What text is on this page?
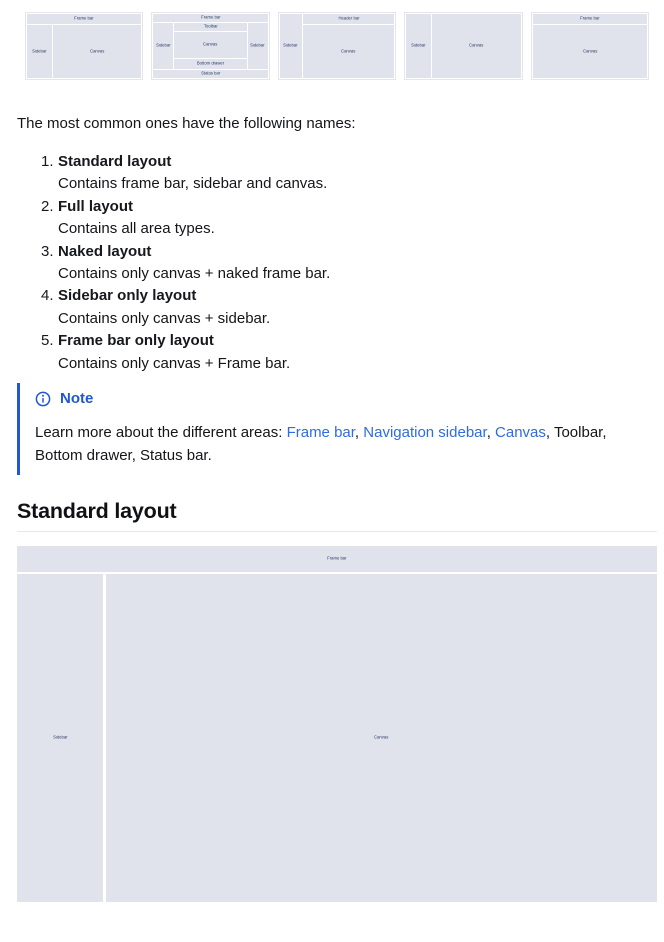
Frame bar
Sidebar	Canvas
Frame bar
Sidebar
Toolbar
Canvas
Bottom drawer
Sidebar
Status bar
Sidebar
Header bar
Canvas
Sidebar	Canvas
Frame bar
Canvas

The most common ones have the following names:

1. Standard layout
Contains frame bar, sidebar and canvas.
2. Full layout
Contains all area types.
3. Naked layout
Contains only canvas + naked frame bar.
4. Sidebar only layout
Contains only canvas + sidebar.
5. Frame bar only layout
Contains only canvas + Frame bar.
Note

Learn more about the different areas: Frame bar, Navigation sidebar, Canvas, Toolbar, Bottom drawer, Status bar.

Standard layout
Frame bar
Sidebar	Canvas
